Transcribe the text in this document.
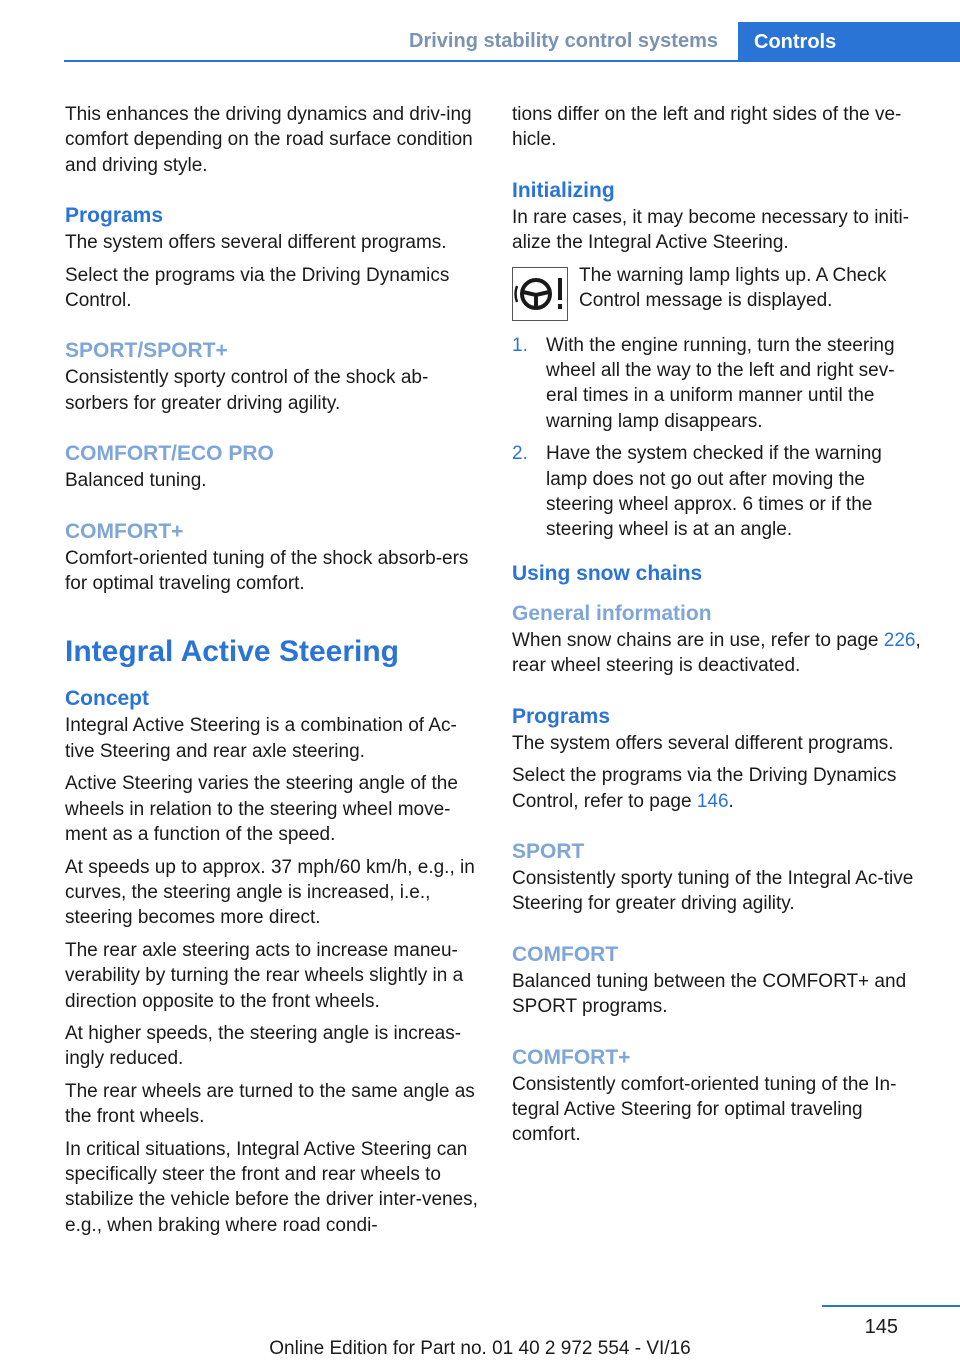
Driving stability control systems	Controls

This enhances the driving dynamics and driv‐ing comfort depending on the road surface condition and driving style.

Programs

The system offers several different programs.

Select the programs via the Driving Dynamics Control.

SPORT/SPORT+

Consistently sporty control of the shock ab‐sorbers for greater driving agility.

COMFORT/ECO PRO

Balanced tuning.

COMFORT+

Comfort-oriented tuning of the shock absorb‐ers for optimal traveling comfort.

Integral Active Steering
Concept

Integral Active Steering is a combination of Ac‐tive Steering and rear axle steering.

Active Steering varies the steering angle of the wheels in relation to the steering wheel move‐ment as a function of the speed.

At speeds up to approx. 37 mph/60 km/h, e.g., in curves, the steering angle is increased, i.e., steering becomes more direct.

The rear axle steering acts to increase maneu‐verability by turning the rear wheels slightly in a direction opposite to the front wheels.

At higher speeds, the steering angle is increas‐ingly reduced.

The rear wheels are turned to the same angle as the front wheels.

In critical situations, Integral Active Steering can specifically steer the front and rear wheels to stabilize the vehicle before the driver inter‐venes, e.g., when braking where road condi‐

tions differ on the left and right sides of the ve‐hicle.

Initializing

In rare cases, it may become necessary to initi‐alize the Integral Active Steering.

The warning lamp lights up. A Check Control message is displayed.

1. With the engine running, turn the steering wheel all the way to the left and right sev‐eral times in a uniform manner until the warning lamp disappears.
2. Have the system checked if the warning lamp does not go out after moving the steering wheel approx. 6 times or if the steering wheel is at an angle.
Using snow chains
General information

When snow chains are in use, refer to page 226, rear wheel steering is deactivated.

Programs

The system offers several different programs.

Select the programs via the Driving Dynamics Control, refer to page 146.

SPORT

Consistently sporty tuning of the Integral Ac‐tive Steering for greater driving agility.

COMFORT

Balanced tuning between the COMFORT+ and SPORT programs.

COMFORT+

Consistently comfort-oriented tuning of the In‐tegral Active Steering for optimal traveling comfort.

145
Online Edition for Part no. 01 40 2 972 554 - VI/16
